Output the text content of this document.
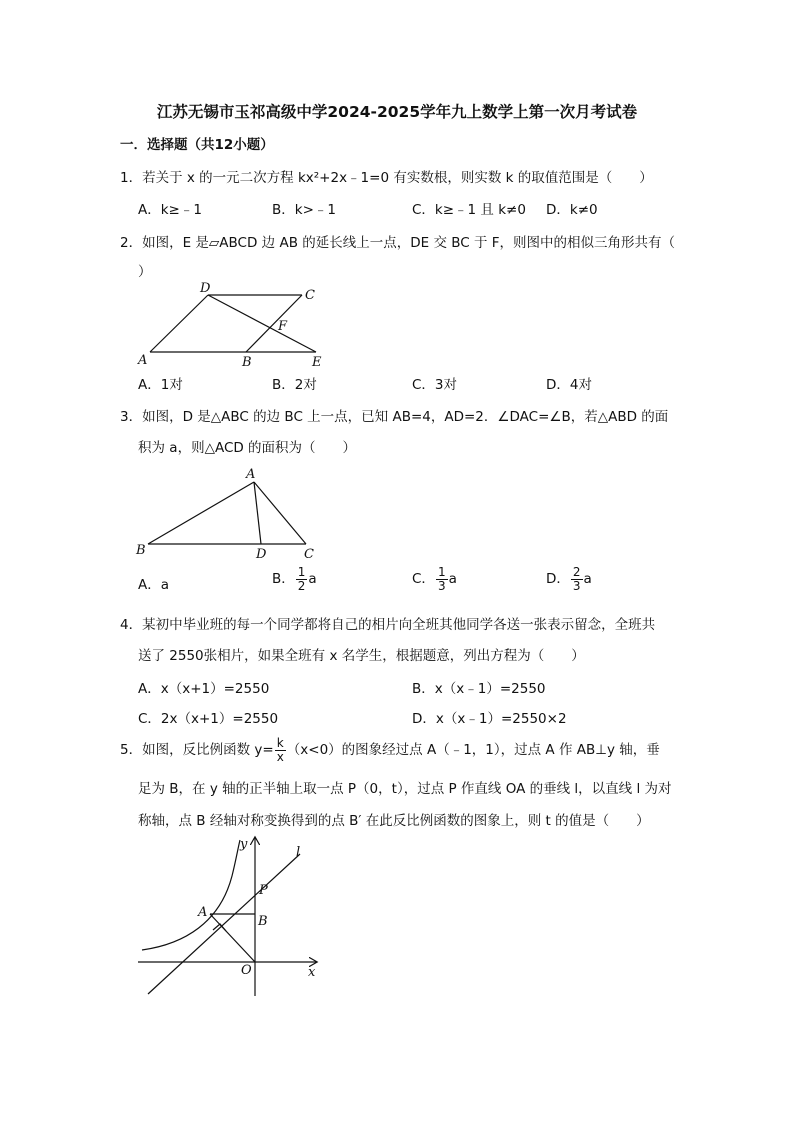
江苏无锡市玉祁高级中学2024-2025学年九上数学上第一次月考试卷
一．选择题（共12小题）
1．若关于 x 的一元二次方程 kx²+2x﹣1=0 有实数根，则实数 k 的取值范围是（　　）
A．k≥﹣1	B．k>﹣1	C．k≥﹣1 且 k≠0 D．k≠0
2．如图，E 是▱ABCD 边 AB 的延长线上一点，DE 交 BC 于 F，则图中的相似三角形共有（
）
D	C
F
A	B	E
A．1对	B．2对	C．3对	D．4对
3．如图，D 是△ABC 的边 BC 上一点，已知 AB=4，AD=2．∠DAC=∠B，若△ABD 的面
积为 a，则△ACD 的面积为（　　）
A
B	D	C
A．a	B． $\frac{1}{2}$ a	C． $\frac{1}{3}$ a	D． $\frac{2}{3}$ a
4．某初中毕业班的每一个同学都将自己的相片向全班其他同学各送一张表示留念，全班共
送了 2550张相片，如果全班有 x 名学生，根据题意，列出方程为（　　）
A．x（x+1）=2550	B．x（x﹣1）=2550
C．2x（x+1）=2550	D．x（x﹣1）=2550×2
5．如图，反比例函数 $y= \frac{k}{x} (x<0)$的图象经过点 A（﹣1，1），过点 A 作 AB⊥y 轴，垂
足为 B，在 y 轴的正半轴上取一点 P（0，t），过点 P 作直线 OA 的垂线 l，以直线 l 为对
称轴，点 B 经轴对称变换得到的点 B′ 在此反比例函数的图象上，则 t 的值是（　　）
y
l
P
A
B
O	x
